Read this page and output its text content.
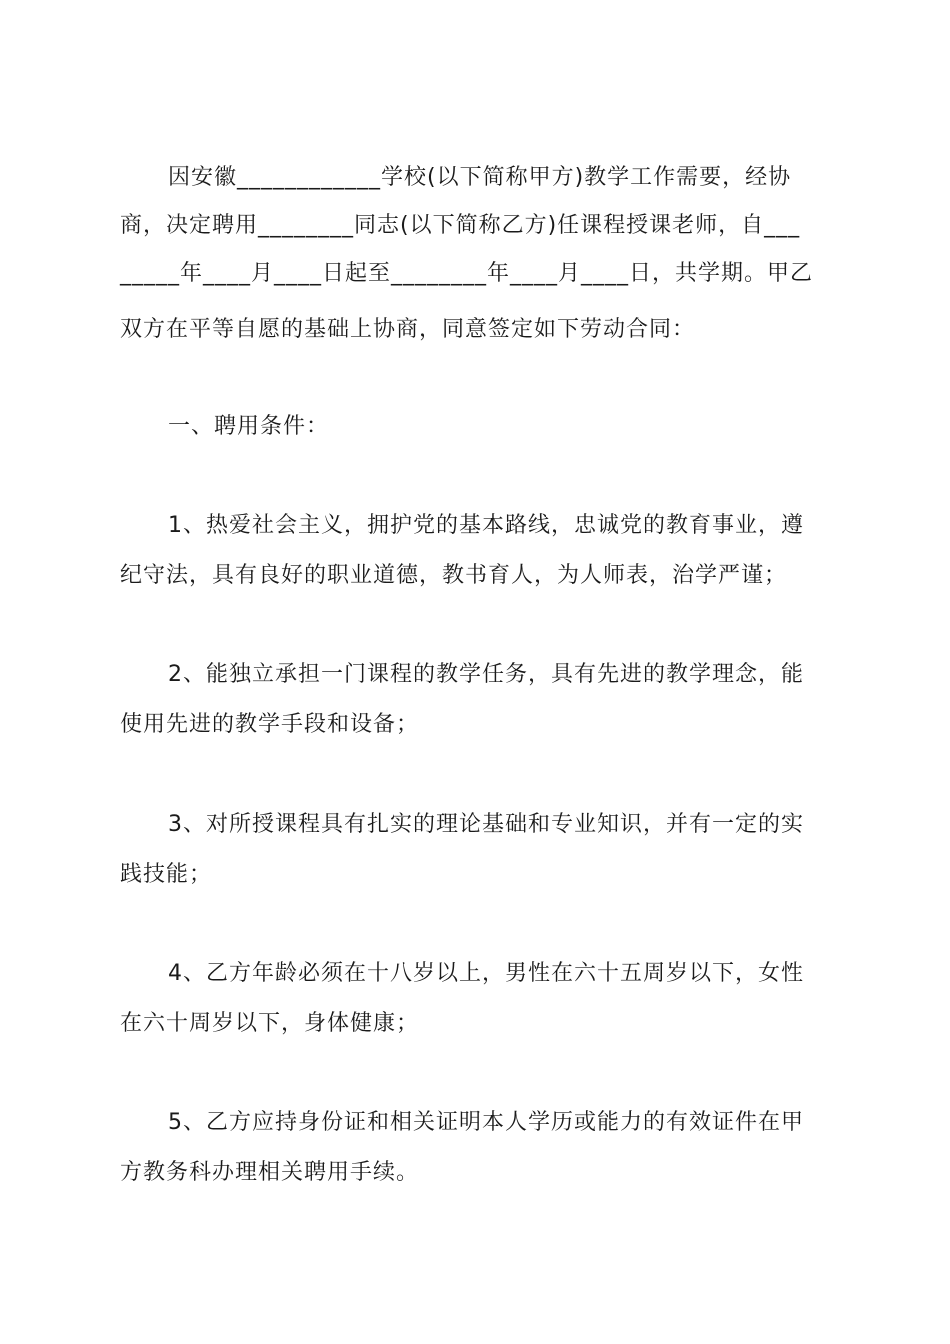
因安徽____________学校(以下简称甲方)教学工作需要，经协
商，决定聘用________同志(以下简称乙方)任课程授课老师，自___
_____年____月____日起至________年____月____日，共学期。甲乙
双方在平等自愿的基础上协商，同意签定如下劳动合同：
一、聘用条件：
1、热爱社会主义，拥护党的基本路线，忠诚党的教育事业，遵
纪守法，具有良好的职业道德，教书育人，为人师表，治学严谨；
2、能独立承担一门课程的教学任务，具有先进的教学理念，能
使用先进的教学手段和设备；
3、对所授课程具有扎实的理论基础和专业知识，并有一定的实
践技能；
4、乙方年龄必须在十八岁以上，男性在六十五周岁以下，女性
在六十周岁以下，身体健康；
5、乙方应持身份证和相关证明本人学历或能力的有效证件在甲
方教务科办理相关聘用手续。
